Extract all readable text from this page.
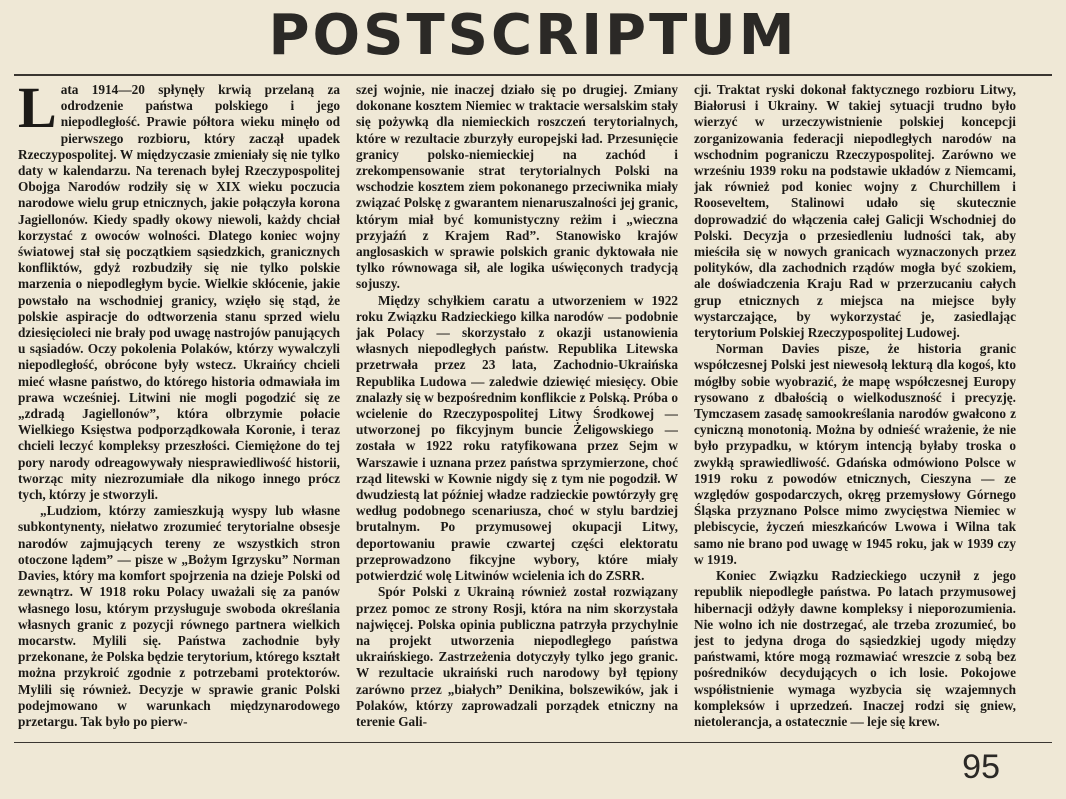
POSTSCRIPTUM

Lata 1914—20 spłynęły krwią przelaną za odrodzenie państwa polskiego i jego niepodległość. Prawie półtora wieku minęło od pierwszego rozbioru, który zaczął upadek Rzeczypospolitej. W międzyczasie zmieniały się nie tylko daty w kalendarzu. Na terenach byłej Rzeczypospolitej Obojga Narodów rodziły się w XIX wieku poczucia narodowe wielu grup etnicznych, jakie połączyła korona Jagiellonów. Kiedy spadły okowy niewoli, każdy chciał korzystać z owoców wolności. Dlatego koniec wojny światowej stał się początkiem sąsiedzkich, granicznych konfliktów, gdyż rozbudziły się nie tylko polskie marzenia o niepodległym bycie. Wielkie skłócenie, jakie powstało na wschodniej granicy, wzięło się stąd, że polskie aspiracje do odtworzenia stanu sprzed wielu dziesięcioleci nie brały pod uwagę nastrojów panujących u sąsiadów. Oczy pokolenia Polaków, którzy wywalczyli niepodległość, obrócone były wstecz. Ukraińcy chcieli mieć własne państwo, do którego historia odmawiała im prawa wcześniej. Litwini nie mogli pogodzić się ze „zdradą Jagiellonów”, która olbrzymie połacie Wielkiego Księstwa podporządkowała Koronie, i teraz chcieli leczyć kompleksy przeszłości. Ciemiężone do tej pory narody odreagowywały niesprawiedliwość historii, tworząc mity niezrozumiałe dla nikogo innego prócz tych, którzy je stworzyli.

„Ludziom, którzy zamieszkują wyspy lub własne subkontynenty, niełatwo zrozumieć terytorialne obsesje narodów zajmujących tereny ze wszystkich stron otoczone lądem” — pisze w „Bożym Igrzysku” Norman Davies, który ma komfort spojrzenia na dzieje Polski od zewnątrz. W 1918 roku Polacy uważali się za panów własnego losu, którym przysługuje swoboda określania własnych granic z pozycji równego partnera wielkich mocarstw. Mylili się. Państwa zachodnie były przekonane, że Polska będzie terytorium, którego kształt można przykroić zgodnie z potrzebami protektorów. Mylili się również. Decyzje w sprawie granic Polski podejmowano w warunkach międzynarodowego przetargu. Tak było po pierw-

szej wojnie, nie inaczej działo się po drugiej. Zmiany dokonane kosztem Niemiec w traktacie wersalskim stały się pożywką dla niemieckich roszczeń terytorialnych, które w rezultacie zburzyły europejski ład. Przesunięcie granicy polsko-niemieckiej na zachód i zrekompensowanie strat terytorialnych Polski na wschodzie kosztem ziem pokonanego przeciwnika miały związać Polskę z gwarantem nienaruszalności jej granic, którym miał być komunistyczny reżim i „wieczna przyjaźń z Krajem Rad”. Stanowisko krajów anglosaskich w sprawie polskich granic dyktowała nie tylko równowaga sił, ale logika uświęconych tradycją sojuszy.

Między schyłkiem caratu a utworzeniem w 1922 roku Związku Radzieckiego kilka narodów — podobnie jak Polacy — skorzystało z okazji ustanowienia własnych niepodległych państw. Republika Litewska przetrwała przez 23 lata, Zachodnio-Ukraińska Republika Ludowa — zaledwie dziewięć miesięcy. Obie znalazły się w bezpośrednim konflikcie z Polską. Próba o wcielenie do Rzeczypospolitej Litwy Środkowej — utworzonej po fikcyjnym buncie Żeligowskiego — została w 1922 roku ratyfikowana przez Sejm w Warszawie i uznana przez państwa sprzymierzone, choć rząd litewski w Kownie nigdy się z tym nie pogodził. W dwudziestą lat później władze radzieckie powtórzyły grę według podobnego scenariusza, choć w stylu bardziej brutalnym. Po przymusowej okupacji Litwy, deportowaniu prawie czwartej części elektoratu przeprowadzono fikcyjne wybory, które miały potwierdzić wolę Litwinów wcielenia ich do ZSRR.

Spór Polski z Ukrainą również został rozwiązany przez pomoc ze strony Rosji, która na nim skorzystała najwięcej. Polska opinia publiczna patrzyła przychylnie na projekt utworzenia niepodległego państwa ukraińskiego. Zastrzeżenia dotyczyły tylko jego granic. W rezultacie ukraiński ruch narodowy był tępiony zarówno przez „białych” Denikina, bolszewików, jak i Polaków, którzy zaprowadzali porządek etniczny na terenie Gali-

cji. Traktat ryski dokonał faktycznego rozbioru Litwy, Białorusi i Ukrainy. W takiej sytuacji trudno było wierzyć w urzeczywistnienie polskiej koncepcji zorganizowania federacji niepodległych narodów na wschodnim pograniczu Rzeczypospolitej. Zarówno we wrześniu 1939 roku na podstawie układów z Niemcami, jak również pod koniec wojny z Churchillem i Rooseveltem, Stalinowi udało się skutecznie doprowadzić do włączenia całej Galicji Wschodniej do Polski. Decyzja o przesiedleniu ludności tak, aby mieściła się w nowych granicach wyznaczonych przez polityków, dla zachodnich rządów mogła być szokiem, ale doświadczenia Kraju Rad w przerzucaniu całych grup etnicznych z miejsca na miejsce były wystarczające, by wykorzystać je, zasiedlając terytorium Polskiej Rzeczypospolitej Ludowej.

Norman Davies pisze, że historia granic współczesnej Polski jest niewesołą lekturą dla kogoś, kto mógłby sobie wyobrazić, że mapę współczesnej Europy rysowano z dbałością o wielkoduszność i precyzję. Tymczasem zasadę samookreślania narodów gwałcono z cyniczną monotonią. Można by odnieść wrażenie, że nie było przypadku, w którym intencją byłaby troska o zwykłą sprawiedliwość. Gdańska odmówiono Polsce w 1919 roku z powodów etnicznych, Cieszyna — ze względów gospodarczych, okręg przemysłowy Górnego Śląska przyznano Polsce mimo zwycięstwa Niemiec w plebiscycie, życzeń mieszkańców Lwowa i Wilna tak samo nie brano pod uwagę w 1945 roku, jak w 1939 czy w 1919.

Koniec Związku Radzieckiego uczynił z jego republik niepodległe państwa. Po latach przymusowej hibernacji odżyły dawne kompleksy i nieporozumienia. Nie wolno ich nie dostrzegać, ale trzeba zrozumieć, bo jest to jedyna droga do sąsiedzkiej ugody między państwami, które mogą rozmawiać wreszcie z sobą bez pośredników decydujących o ich losie. Pokojowe współistnienie wymaga wyzbycia się wzajemnych kompleksów i uprzedzeń. Inaczej rodzi się gniew, nietolerancja, a ostatecznie — leje się krew.

95
